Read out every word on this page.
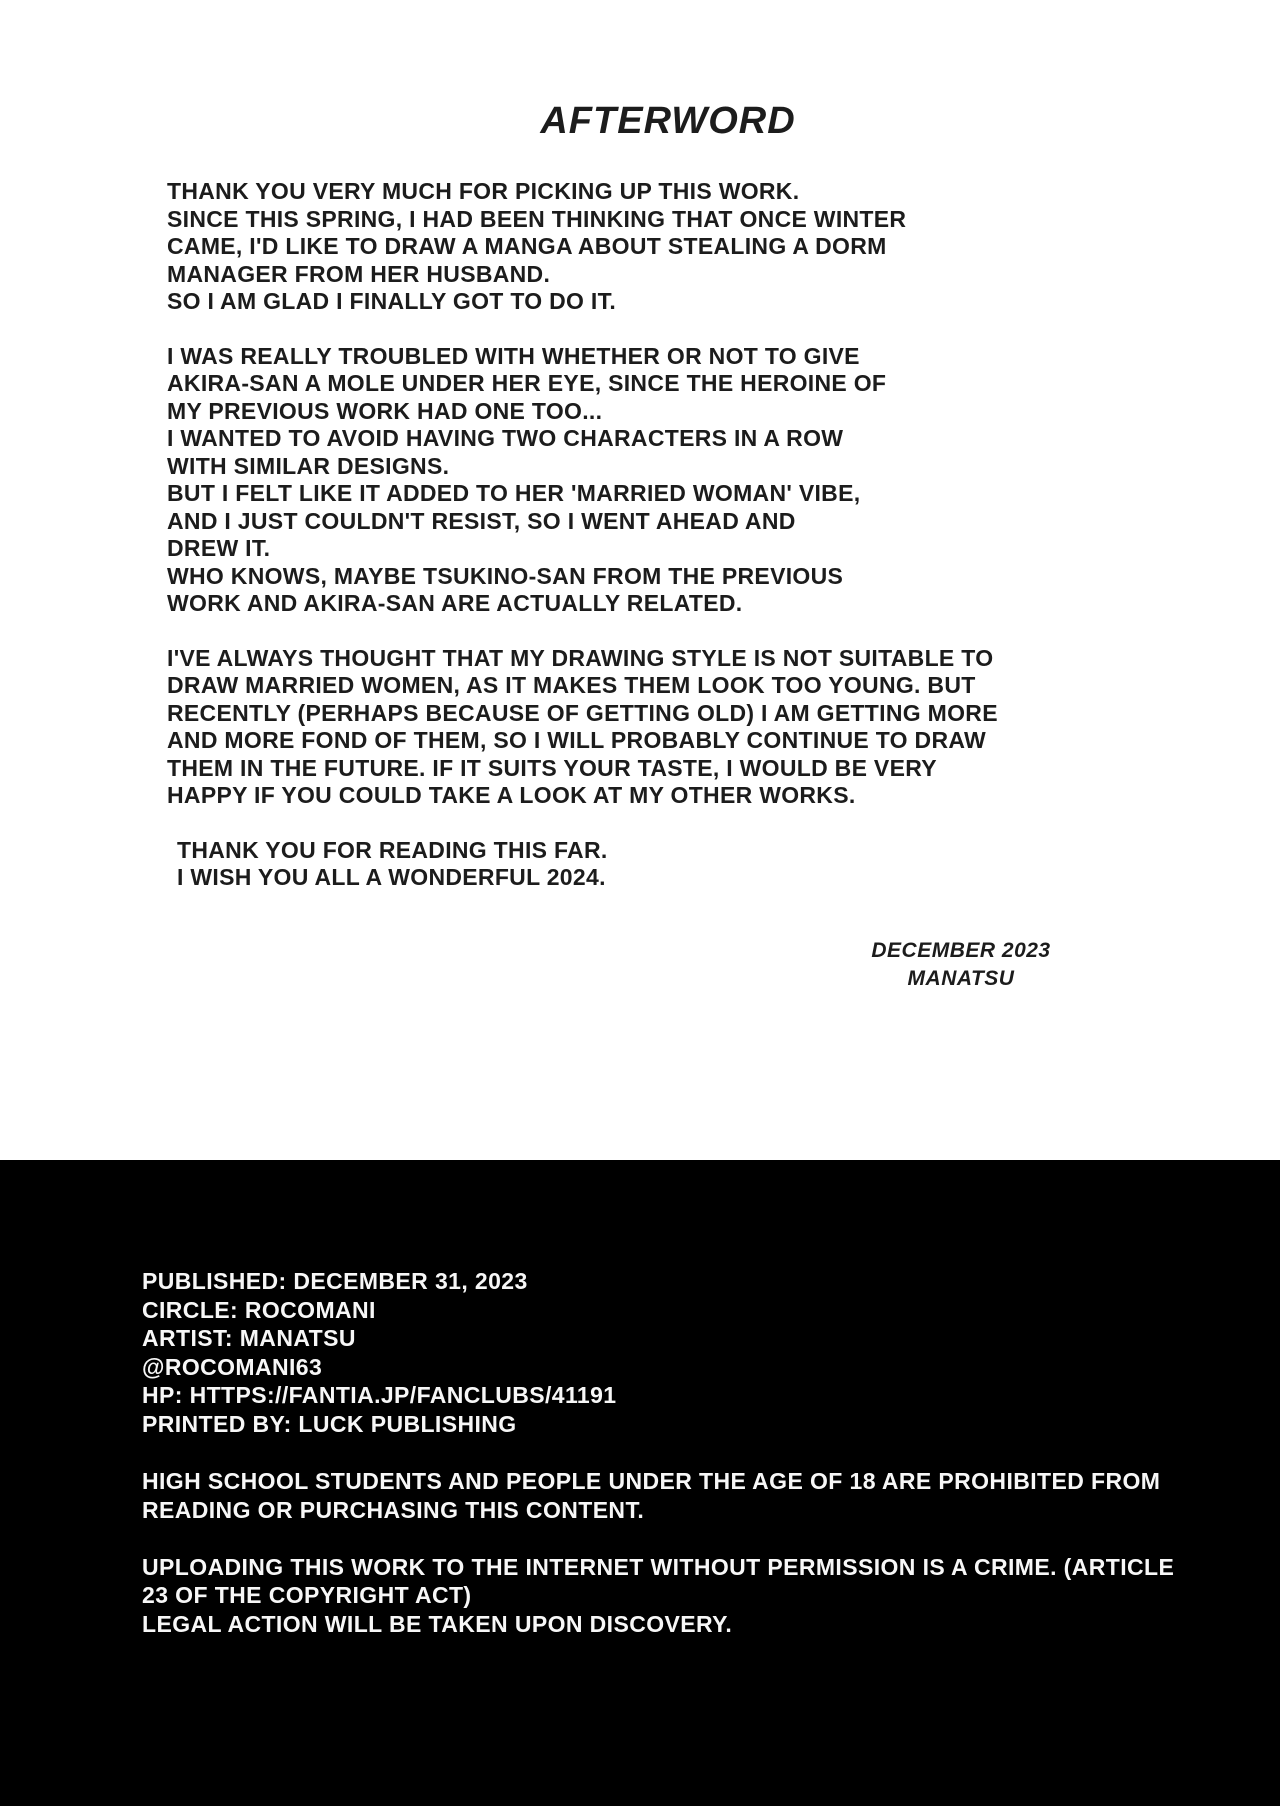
AFTERWORD
THANK YOU VERY MUCH FOR PICKING UP THIS WORK.
SINCE THIS SPRING, I HAD BEEN THINKING THAT ONCE WINTER
CAME, I'D LIKE TO DRAW A MANGA ABOUT STEALING A DORM
MANAGER FROM HER HUSBAND.
SO I AM GLAD I FINALLY GOT TO DO IT.
I WAS REALLY TROUBLED WITH WHETHER OR NOT TO GIVE
AKIRA-SAN A MOLE UNDER HER EYE, SINCE THE HEROINE OF
MY PREVIOUS WORK HAD ONE TOO...
I WANTED TO AVOID HAVING TWO CHARACTERS IN A ROW
WITH SIMILAR DESIGNS.
BUT I FELT LIKE IT ADDED TO HER 'MARRIED WOMAN' VIBE,
AND I JUST COULDN'T RESIST, SO I WENT AHEAD AND
DREW IT.
WHO KNOWS, MAYBE TSUKINO-SAN FROM THE PREVIOUS
WORK AND AKIRA-SAN ARE ACTUALLY RELATED.
I'VE ALWAYS THOUGHT THAT MY DRAWING STYLE IS NOT SUITABLE TO
DRAW MARRIED WOMEN, AS IT MAKES THEM LOOK TOO YOUNG. BUT
RECENTLY (PERHAPS BECAUSE OF GETTING OLD) I AM GETTING MORE
AND MORE FOND OF THEM, SO I WILL PROBABLY CONTINUE TO DRAW
THEM IN THE FUTURE. IF IT SUITS YOUR TASTE, I WOULD BE VERY
HAPPY IF YOU COULD TAKE A LOOK AT MY OTHER WORKS.
THANK YOU FOR READING THIS FAR.
I WISH YOU ALL A WONDERFUL 2024.
DECEMBER 2023
MANATSU
PUBLISHED: DECEMBER 31, 2023
CIRCLE: ROCOMANI
ARTIST: MANATSU
@ROCOMANI63
HP: HTTPS://FANTIA.JP/FANCLUBS/41191
PRINTED BY: LUCK PUBLISHING
HIGH SCHOOL STUDENTS AND PEOPLE UNDER THE AGE OF 18 ARE PROHIBITED FROM
READING OR PURCHASING THIS CONTENT.
UPLOADING THIS WORK TO THE INTERNET WITHOUT PERMISSION IS A CRIME. (ARTICLE
23 OF THE COPYRIGHT ACT)
LEGAL ACTION WILL BE TAKEN UPON DISCOVERY.
